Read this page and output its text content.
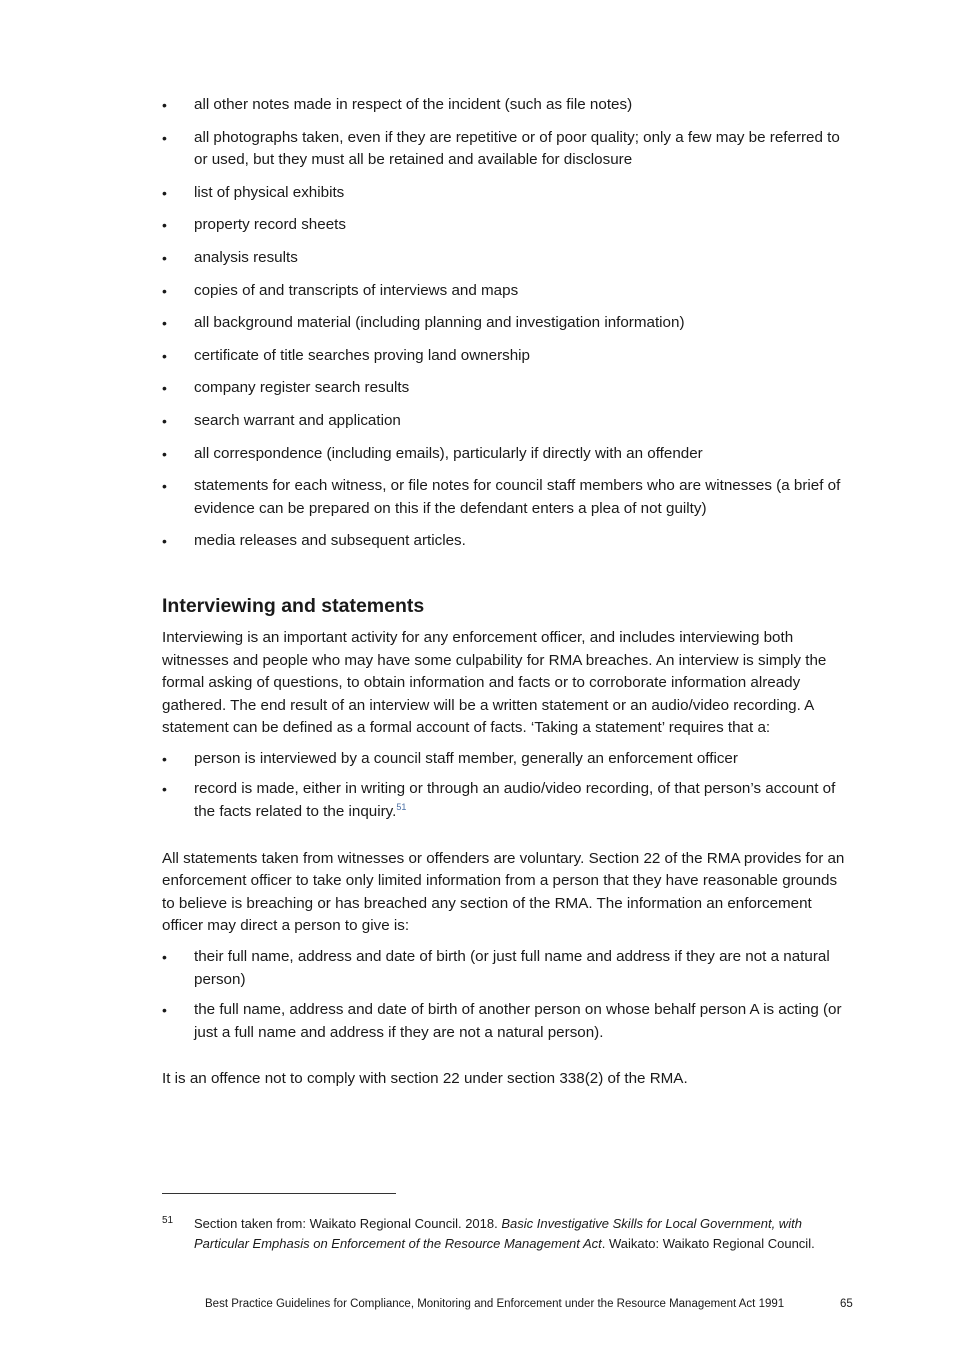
• all other notes made in respect of the incident (such as file notes)
• all photographs taken, even if they are repetitive or of poor quality; only a few may be referred to or used, but they must all be retained and available for disclosure
• list of physical exhibits
• property record sheets
• analysis results
• copies of and transcripts of interviews and maps
• all background material (including planning and investigation information)
• certificate of title searches proving land ownership
• company register search results
• search warrant and application
• all correspondence (including emails), particularly if directly with an offender
• statements for each witness, or file notes for council staff members who are witnesses (a brief of evidence can be prepared on this if the defendant enters a plea of not guilty)
• media releases and subsequent articles.
Interviewing and statements

Interviewing is an important activity for any enforcement officer, and includes interviewing both witnesses and people who may have some culpability for RMA breaches. An interview is simply the formal asking of questions, to obtain information and facts or to corroborate information already gathered. The end result of an interview will be a written statement or an audio/video recording. A statement can be defined as a formal account of facts. ‘Taking a statement’ requires that a:

• person is interviewed by a council staff member, generally an enforcement officer
• record is made, either in writing or through an audio/video recording, of that person’s account of the facts related to the inquiry.$^{51}$

All statements taken from witnesses or offenders are voluntary. Section 22 of the RMA provides for an enforcement officer to take only limited information from a person that they have reasonable grounds to believe is breaching or has breached any section of the RMA. The information an enforcement officer may direct a person to give is:

• their full name, address and date of birth (or just full name and address if they are not a natural person)
• the full name, address and date of birth of another person on whose behalf person A is acting (or just a full name and address if they are not a natural person).

It is an offence not to comply with section 22 under section 338(2) of the RMA.

51 Section taken from: Waikato Regional Council. 2018. Basic Investigative Skills for Local Government, with Particular Emphasis on Enforcement of the Resource Management Act. Waikato: Waikato Regional Council.
Best Practice Guidelines for Compliance, Monitoring and Enforcement under the Resource Management Act 1991	65
